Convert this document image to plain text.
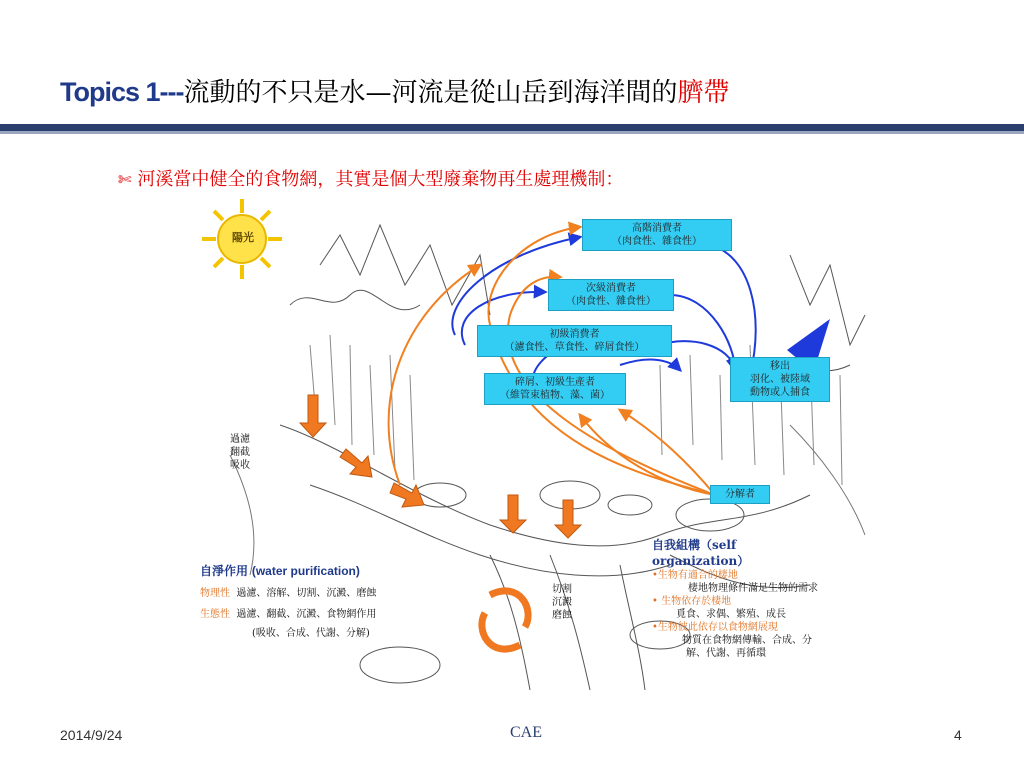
Topics 1--- 流動的不只是水—河流是從山岳到海洋間的 臍帶
✄ 河溪當中健全的食物網，其實是個大型廢棄物再生處理機制：
陽光
高階消費者
（肉食性、雜食性）
次級消費者
（肉食性、雜食性）
初級消費者
（濾食性、草食性、碎屑食性）
碎屑、初級生產者
（維管束植物、藻、菌）
移出
羽化、被陸域
動物或人捕食
分解者
過濾
翻截
吸收
切割
沉澱
磨蝕
自淨作用 (water purification)
物理性 過濾、溶解、切割、沉澱、磨蝕
生態性 過濾、翻截、沉澱、食物網作用
(吸收、合成、代謝、分解)
自我組構（self
organization）
•生物有適合的棲地
棲地物理條件滿足生物的需求
• 生物依存於棲地
覓食、求偶、繁殖、成長
•生物彼此依存以食物網展現
物質在食物網傳輸、合成、分
解、代謝、再循環
2014/9/24	CAE	4
